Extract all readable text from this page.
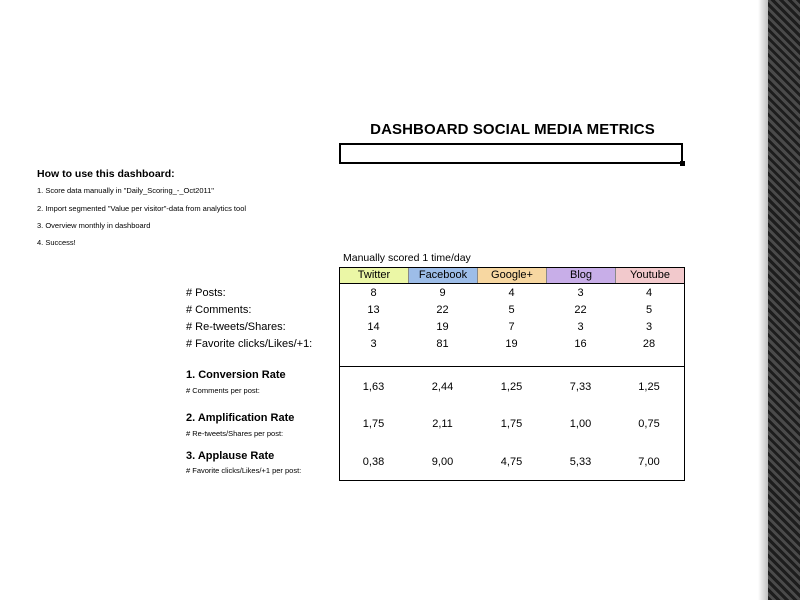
DASHBOARD SOCIAL MEDIA METRICS
How to use this dashboard:
1. Score data manually in "Daily_Scoring_-_Oct2011"
2. Import segmented "Value per visitor"-data from analytics tool
3. Overview monthly in dashboard
4. Success!
Manually scored 1 time/day
Twitter	Facebook	Google+	Blog	Youtube
# Posts:	8	9	4	3	4
# Comments:	13	22	5	22	5
# Re-tweets/Shares:	14	19	7	3	3
# Favorite clicks/Likes/+1:	3	81	19	16	28
1. Conversion Rate
# Comments per post:	1,63	2,44	1,25	7,33	1,25
2. Amplification Rate
# Re-tweets/Shares per post:
1,75	2,11	1,75	1,00	0,75
3. Applause Rate
# Favorite clicks/Likes/+1 per post:
0,38	9,00	4,75	5,33	7,00
